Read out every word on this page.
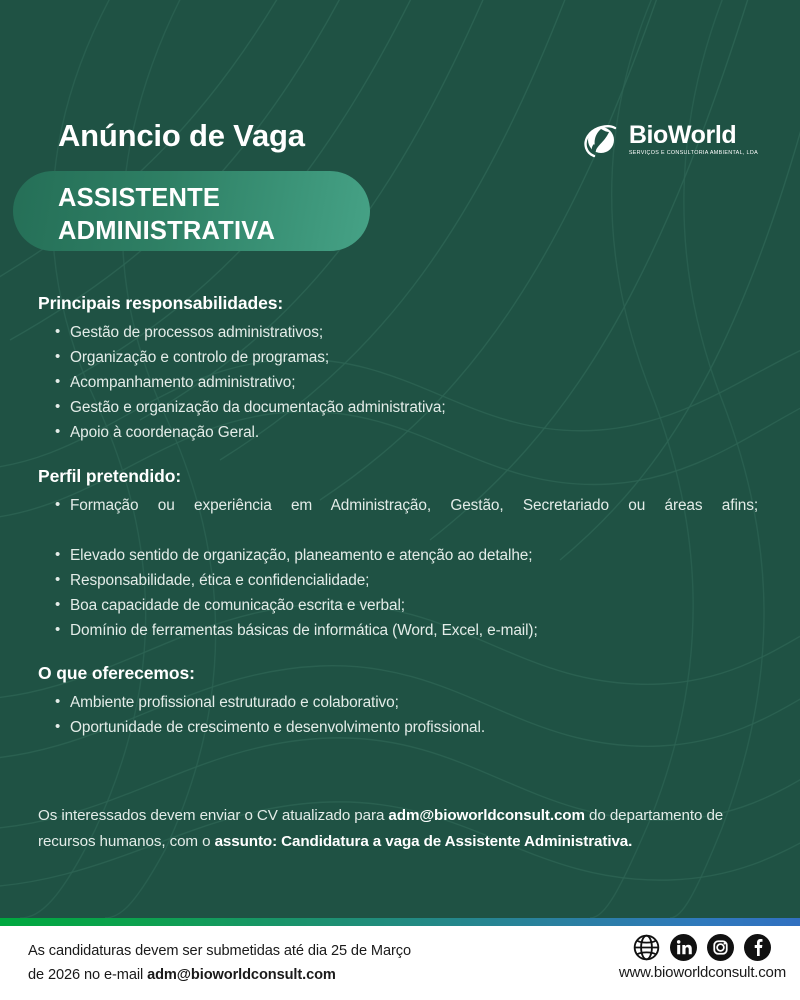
Anúncio de Vaga	BioWorld
SERVIÇOS E CONSULTORIA AMBIENTAL, LDA
ASSISTENTE
ADMINISTRATIVA
Principais responsabilidades:
• Gestão de processos administrativos;
• Organização e controlo de programas;
• Acompanhamento administrativo;
• Gestão e organização da documentação administrativa;
• Apoio à coordenação Geral.
Perfil pretendido:
• Formação ou experiência em Administração, Gestão, Secretariado ou áreas afins;
• Elevado sentido de organização, planeamento e atenção ao detalhe;
• Responsabilidade, ética e confidencialidade;
• Boa capacidade de comunicação escrita e verbal;
• Domínio de ferramentas básicas de informática (Word, Excel, e-mail);
O que oferecemos:
• Ambiente profissional estruturado e colaborativo;
• Oportunidade de crescimento e desenvolvimento profissional.
Os interessados devem enviar o CV atualizado para adm@bioworldconsult.com do departamento de recursos humanos, com o assunto: Candidatura a vaga de Assistente Administrativa.
As candidaturas devem ser submetidas até dia 25 de Março
de 2026 no e-mail adm@bioworldconsult.com	www.bioworldconsult.com
